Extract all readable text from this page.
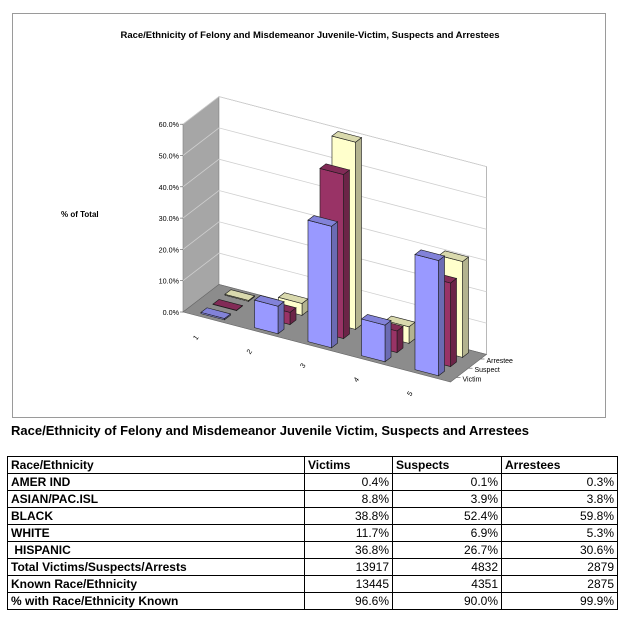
0.0%
10.0%
20.0%
30.0%
40.0%
50.0%
60.0%
1
2
3
4
5
Victim
Suspect
Arrestee
Race/Ethnicity of Felony and Misdemeanor Juvenile-Victim, Suspects and Arrestees
% of Total
Race/Ethnicity of Felony and Misdemeanor Juvenile Victim, Suspects and Arrestees
Race/Ethnicity	Victims	Suspects	Arrestees
AMER IND	0.4%	0.1%	0.3%
ASIAN/PAC.ISL	8.8%	3.9%	3.8%
BLACK	38.8%	52.4%	59.8%
WHITE	11.7%	6.9%	5.3%
HISPANIC	36.8%	26.7%	30.6%
Total Victims/Suspects/Arrests	13917	4832	2879
Known Race/Ethnicity	13445	4351	2875
% with Race/Ethnicity Known	96.6%	90.0%	99.9%
